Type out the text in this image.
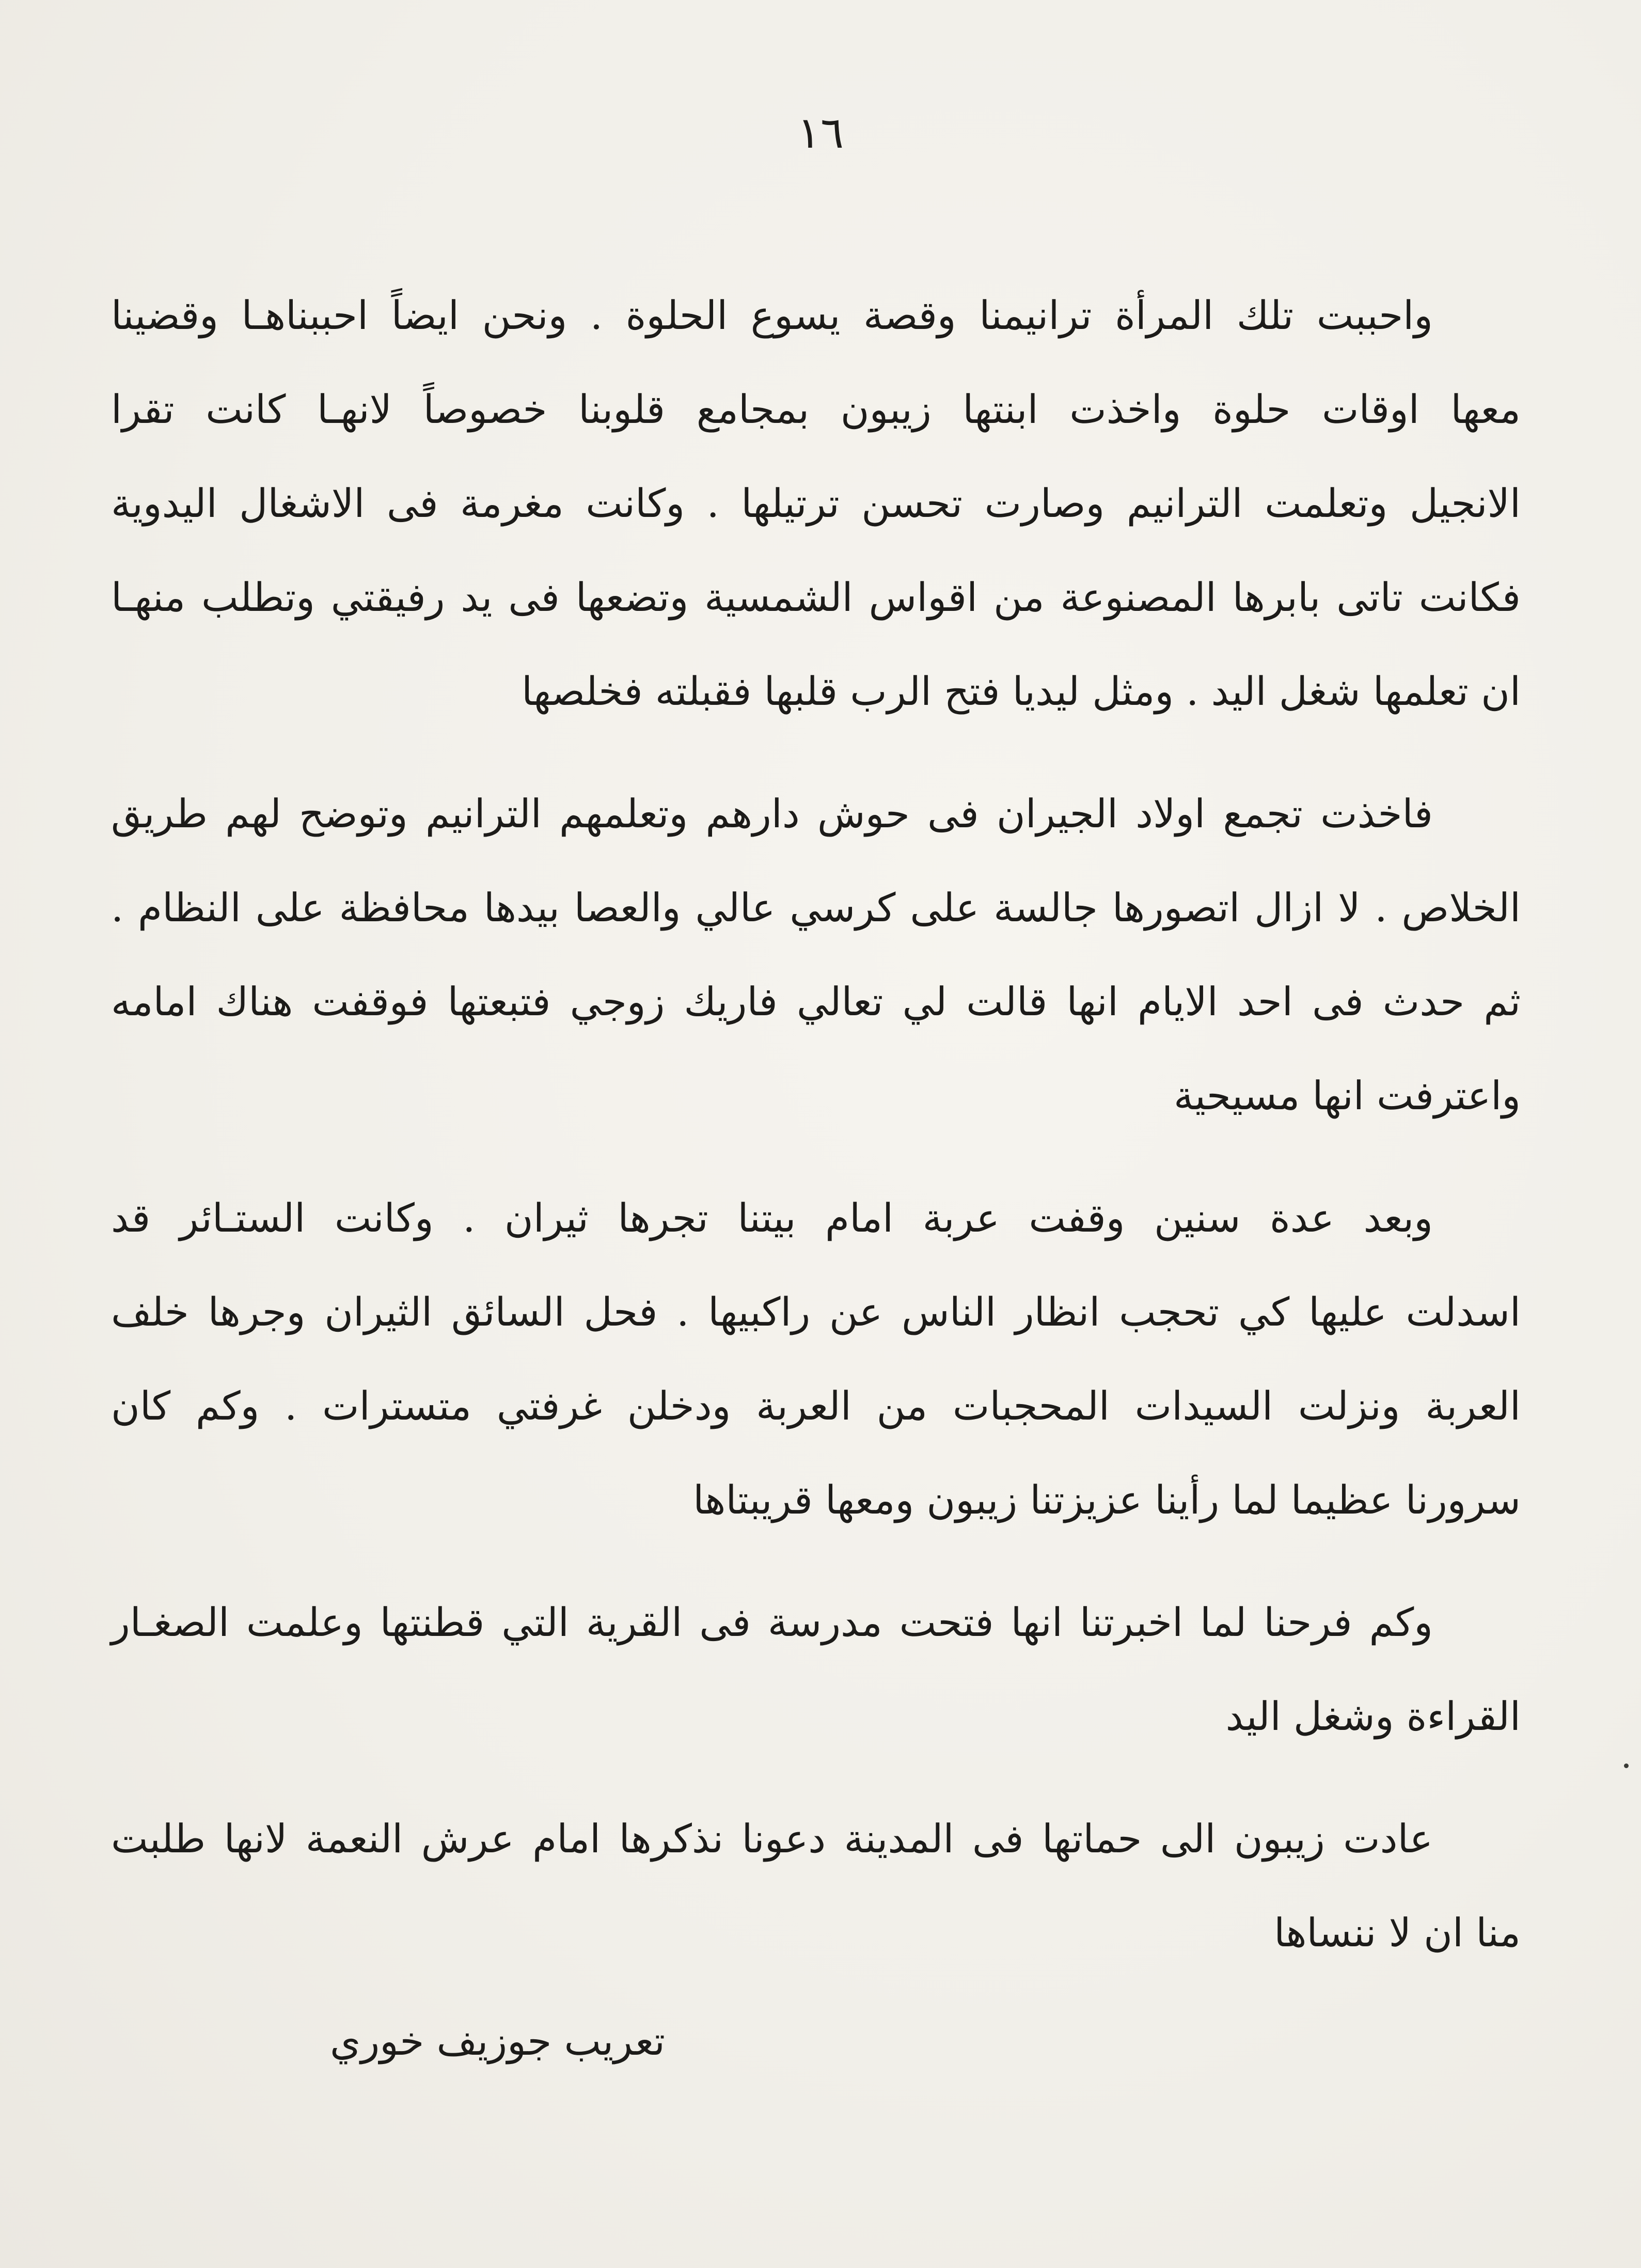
١٦
واحببت تلك المرأة ترانيمنا وقصة يسوع الحلوة . ونحن ايضاً احببناهـا وقضينا
معها اوقات حلوة واخذت ابنتها زيبون بمجامع قلوبنا خصوصاً لانهـا كانت تقرا
الانجيل وتعلمت الترانيم وصارت تحسن ترتيلها . وكانت مغرمة فى الاشغال اليدوية
فكانت تاتى بابرها المصنوعة من اقواس الشمسية وتضعها فى يد رفيقتي وتطلب منهـا
ان تعلمها شغل اليد . ومثل ليديا فتح الرب قلبها فقبلته فخلصها
فاخذت تجمع اولاد الجيران فى حوش دارهم وتعلمهم الترانيم وتوضح لهم طريق
الخلاص . لا ازال اتصورها جالسة على كرسي عالي والعصا بيدها محافظة على النظام .
ثم حدث فى احد الايام انها قالت لي تعالي فاريك زوجي فتبعتها فوقفت هناك امامه
واعترفت انها مسيحية
وبعد عدة سنين وقفت عربة امام بيتنا تجرها ثيران . وكانت الستـائر قد
اسدلت عليها كي تحجب انظار الناس عن راكبيها . فحل السائق الثيران وجرها خلف
العربة ونزلت السيدات المحجبات من العربة ودخلن غرفتي متسترات . وكم كان
سرورنا عظيما لما رأينا عزيزتنا زيبون ومعها قريبتاها
وكم فرحنا لما اخبرتنا انها فتحت مدرسة فى القرية التي قطنتها وعلمت الصغـار
القراءة وشغل اليد
عادت زيبون الى حماتها فى المدينة دعونا نذكرها امام عرش النعمة لانها طلبت
منا ان لا ننساها
تعريب جوزيف خوري
